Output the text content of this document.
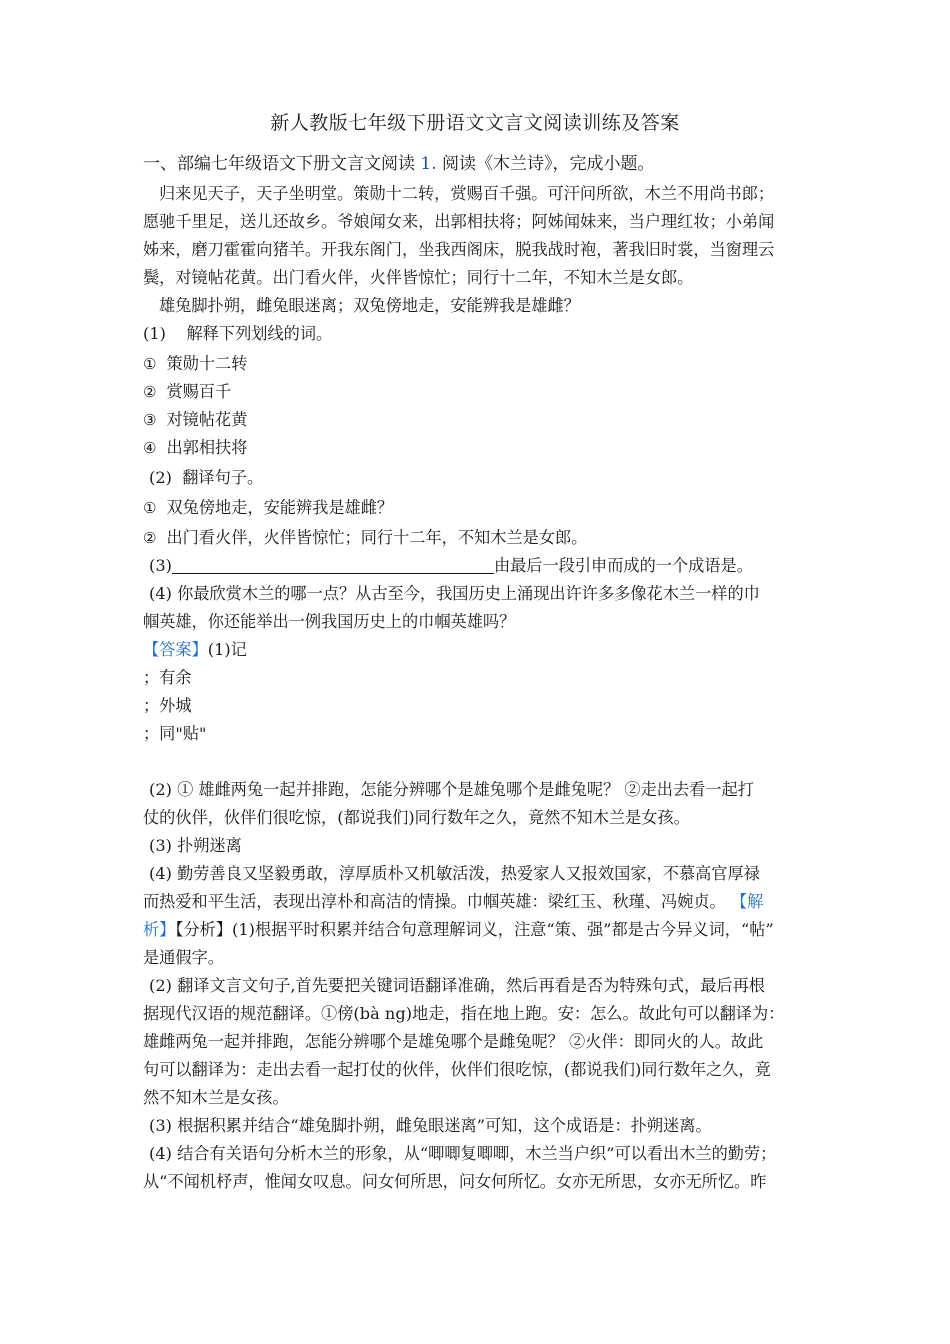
新人教版七年级下册语文文言文阅读训练及答案
一、部编七年级语文下册文言文阅读 1. 阅读《木兰诗》，完成小题。
归来见天子，天子坐明堂。策勋十二转，赏赐百千强。可汗问所欲，木兰不用尚书郎；
愿驰千里足，送儿还故乡。爷娘闻女来，出郭相扶将；阿姊闻妹来，当户理红妆；小弟闻
姊来，磨刀霍霍向猪羊。开我东阁门，坐我西阁床，脱我战时袍，著我旧时裳，当窗理云
鬓，对镜帖花黄。出门看火伴，火伴皆惊忙；同行十二年，不知木兰是女郎。
雄兔脚扑朔，雌兔眼迷离；双兔傍地走，安能辨我是雄雌？
(1) 解释下列划线的词。
① 策勋十二转
② 赏赐百千
③ 对镜帖花黄
④ 出郭相扶将
(2) 翻译句子。
① 双兔傍地走，安能辨我是雄雌？
② 出门看火伴，火伴皆惊忙；同行十二年，不知木兰是女郎。
(3)	由最后一段引申而成的一个成语是。
(4) 你最欣赏木兰的哪一点？从古至今，我国历史上涌现出许许多多像花木兰一样的巾
帼英雄，你还能举出一例我国历史上的巾帼英雄吗？
【答案】(1)记
；有余
；外城
；同"贴"
(2) ① 雄雌两兔一起并排跑，怎能分辨哪个是雄兔哪个是雌兔呢？ ②走出去看一起打
仗的伙伴，伙伴们很吃惊，(都说我们)同行数年之久，竟然不知木兰是女孩。
(3) 扑朔迷离
(4) 勤劳善良又坚毅勇敢，淳厚质朴又机敏活泼，热爱家人又报效国家，不慕高官厚禄
而热爱和平生活，表现出淳朴和高洁的情操。巾帼英雄：梁红玉、秋瑾、冯婉贞。 【解
析】【分析】(1)根据平时积累并结合句意理解词义，注意“策、强”都是古今异义词，“帖”
是通假字。
(2) 翻译文言文句子,首先要把关键词语翻译准确，然后再看是否为特殊句式，最后再根
据现代汉语的规范翻译。①傍(bà ng)地走，指在地上跑。安：怎么。故此句可以翻译为：
雄雌两兔一起并排跑，怎能分辨哪个是雄兔哪个是雌兔呢？ ②火伴：即同火的人。故此
句可以翻译为：走出去看一起打仗的伙伴，伙伴们很吃惊，(都说我们)同行数年之久，竟
然不知木兰是女孩。
(3) 根据积累并结合“雄兔脚扑朔，雌兔眼迷离”可知，这个成语是：扑朔迷离。
(4) 结合有关语句分析木兰的形象，从“唧唧复唧唧，木兰当户织”可以看出木兰的勤劳；
从“不闻机杼声，惟闻女叹息。问女何所思，问女何所忆。女亦无所思，女亦无所忆。昨
